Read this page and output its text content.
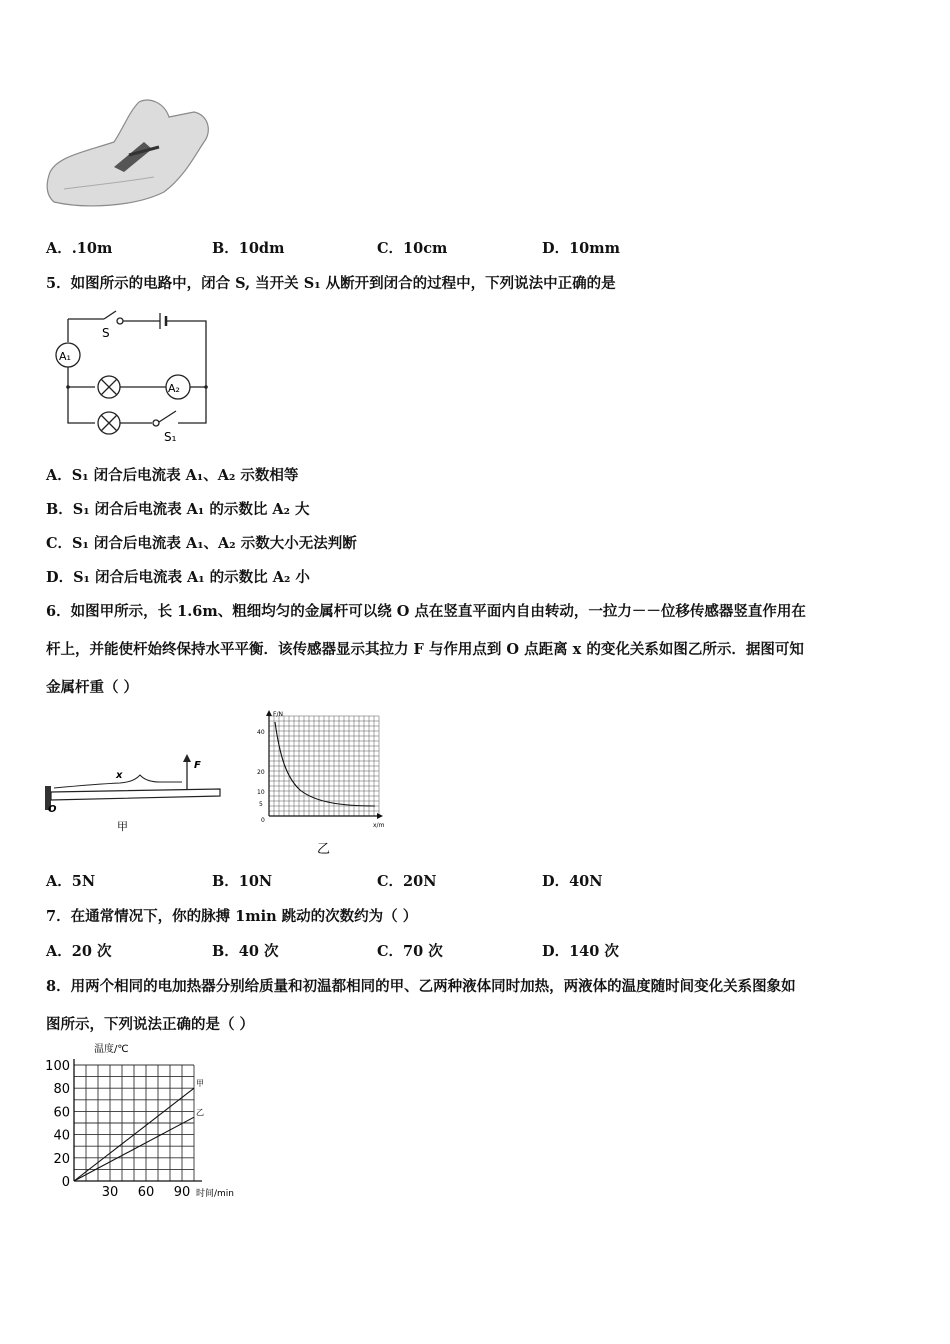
A．.10m	B．10dm	C．10cm	D．10mm
5．如图所示的电路中，闭合 S, 当开关 S₁ 从断开到闭合的过程中，下列说法中正确的是
S
A₁
A₂
S₁
A．S₁ 闭合后电流表 A₁、A₂ 示数相等
B．S₁ 闭合后电流表 A₁ 的示数比 A₂ 大
C．S₁ 闭合后电流表 A₁、A₂ 示数大小无法判断
D．S₁ 闭合后电流表 A₁ 的示数比 A₂ 小
6．如图甲所示，长 1.6m、粗细均匀的金属杆可以绕 O 点在竖直平面内自由转动，一拉力－－位移传感器竖直作用在
杆上，并能使杆始终保持水平平衡．该传感器显示其拉力 F 与作用点到 O 点距离 x 的变化关系如图乙所示．据图可知
金属杆重（ ）
O
x
F
甲
F/N
x/m
40
20
10
5
0
乙
A．5N	B．10N	C．20N	D．40N
7．在通常情况下，你的脉搏 1min 跳动的次数约为（ ）
A．20 次	B．40 次	C．70 次	D．140 次
8．用两个相同的电加热器分别给质量和初温都相同的甲、乙两种液体同时加热，两液体的温度随时间变化关系图象如
图所示，下列说法正确的是（ ）
甲
乙
100
80
60
40
20
0
30 60 90
温度/℃
时间/min
